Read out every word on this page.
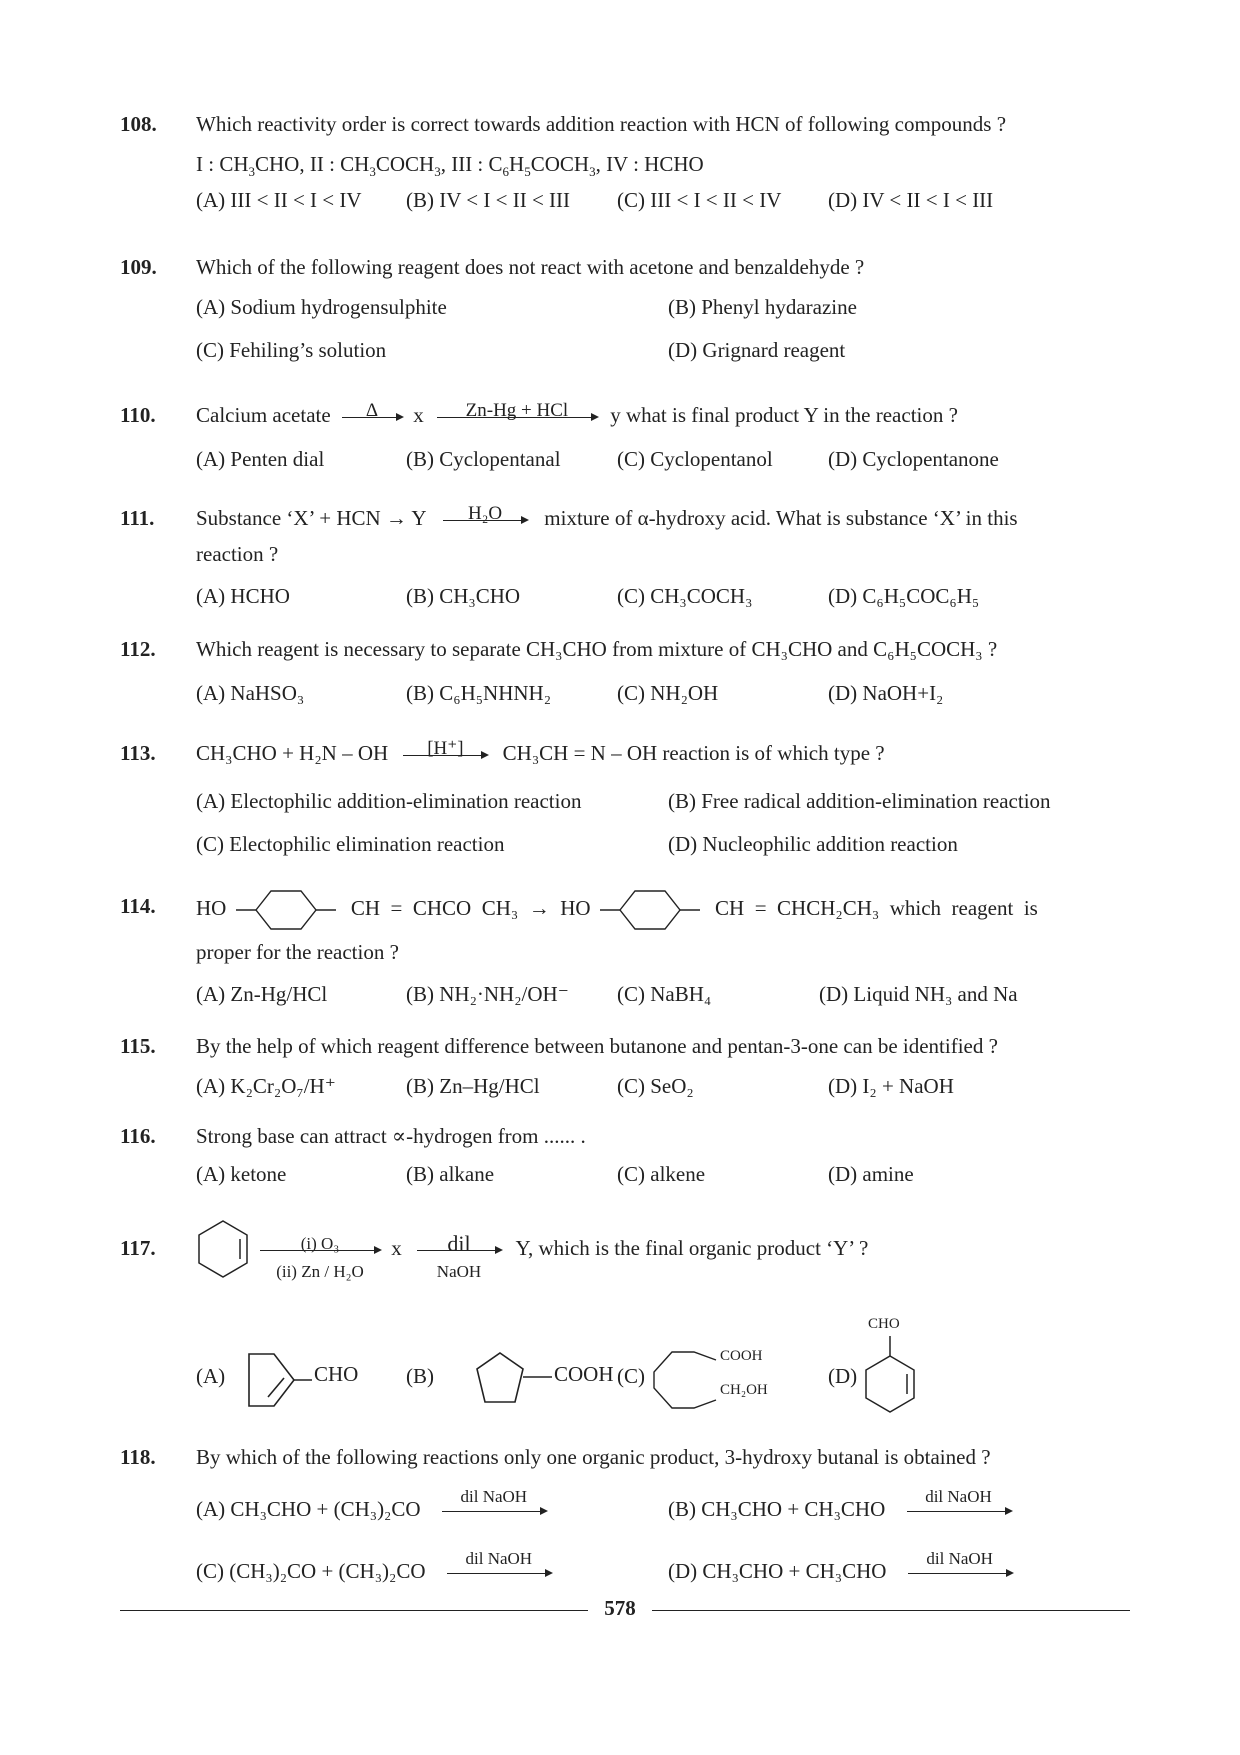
108. Which reactivity order is correct towards addition reaction with HCN of following compounds ?
I : $CH_3CHO$, II : $CH_3COCH_3$, III : $C_6H_5COCH_3$, IV : HCHO
(A) III < II < I < IV (B) IV < I < II < III (C) III < I < II < IV (D) IV < II < I < III
109. Which of the following reagent does not react with acetone and benzaldehyde ?
(A) Sodium hydrogensulphite	(B) Phenyl hydarazine
(C) Fehiling’s solution	(D) Grignard reagent
110. Calcium acetate	Δ	x	Zn-Hg + HCl	y what is final product Y in the reaction ?
(A) Penten dial	(B) Cyclopentanal	(C) Cyclopentanol	(D) Cyclopentanone
111. Substance ‘X’ + HCN → Y	H₂O	mixture of α-hydroxy acid. What is substance ‘X’ in this
reaction ?
(A) HCHO	(B) CH₃CHO	(C) CH₃COCH₃	(D) C₆H₅COC₆H₅
112. Which reagent is necessary to separate CH₃CHO from mixture of CH₃CHO and C₆H₅COCH₃ ?
(A) NaHSO₃	(B) C₆H₅NHNH₂	(C) NH₂OH	(D) NaOH+I₂
113. CH₃CHO + H₂N – OH	[H⁺]	CH₃CH = N – OH reaction is of which type ?
(A) Electophilic addition-elimination reaction	(B) Free radical addition-elimination reaction
(C) Electophilic elimination reaction	(D) Nucleophilic addition reaction
114. HO	CH  =  CHCO  CH₃  →  HO	CH  =  CHCH₂CH₃  which  reagent  is
proper for the reaction ?
(A) Zn-Hg/HCl	(B) NH₂·NH₂/OH⁻ (C) NaBH₄	(D) Liquid NH₃ and Na
115. By the help of which reagent difference between butanone and pentan-3-one can be identified ?
(A) K₂Cr₂O₇/H⁺	(B) Zn–Hg/HCl	(C) SeO₂	(D) I₂ + NaOH
116. Strong base can attract ∝-hydrogen from ...... .
(A) ketone	(B) alkane	(C) alkene	(D) amine
117.	$\frac{\text{(i) O₃}}{\text{(ii) Zn / H₂O}}$ x	dil
NaOH
Y, which is the final organic product ‘Y’ ?
(A)	CHO (B)	COOH (C)
COOH
CH₂OH
(D)
CHO
118. By which of the following reactions only one organic product, 3-hydroxy butanal is obtained ?
(A) CH₃CHO + (CH₃)₂CO
dil NaOH
(B) CH₃CHO + CH₃CHO
dil NaOH
(C) (CH₃)₂CO + (CH₃)₂CO
dil NaOH
(D) CH₃CHO + CH₃CHO
dil NaOH
578
